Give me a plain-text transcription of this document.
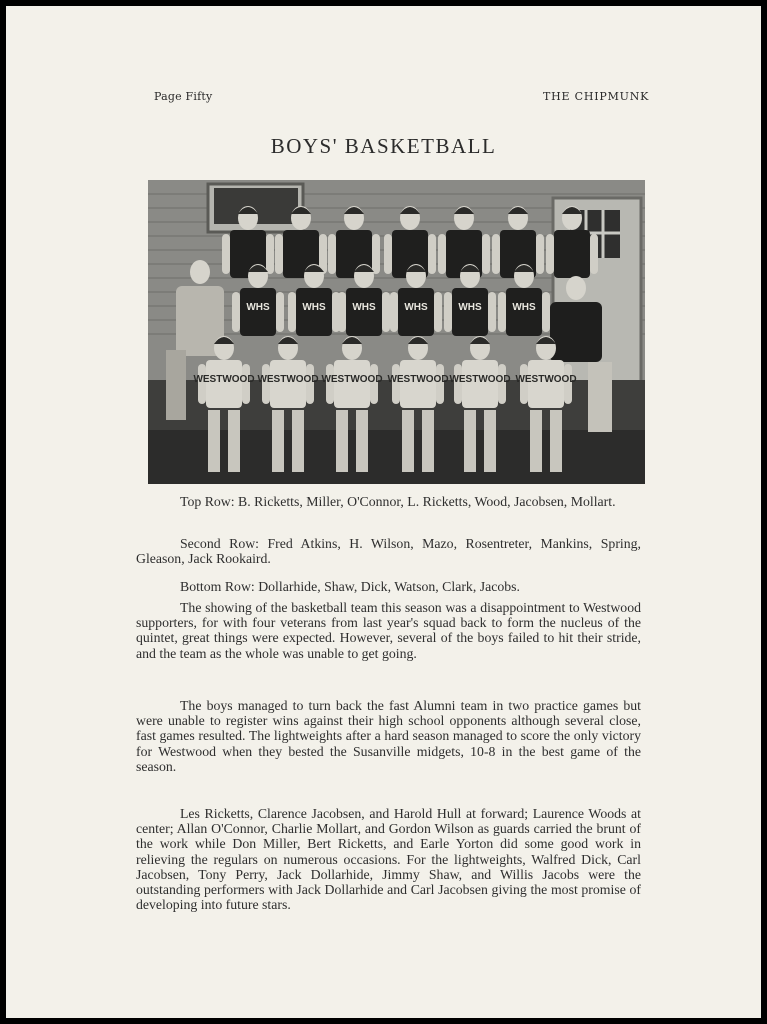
Page Fifty	THE CHIPMUNK
BOYS' BASKETBALL
WHS	WHS	WHS	WHS	WHS	WHS
WESTWOOD WESTWOOD WESTWOOD WESTWOOD WESTWOOD WESTWOOD

Top Row: B. Ricketts, Miller, O'Connor, L. Ricketts, Wood, Jacobsen, Mollart.

Second Row: Fred Atkins, H. Wilson, Mazo, Rosentreter, Mankins, Spring, Gleason, Jack Rookaird.

Bottom Row: Dollarhide, Shaw, Dick, Watson, Clark, Jacobs.

The showing of the basketball team this season was a disappointment to Westwood supporters, for with four veterans from last year's squad back to form the nucleus of the quintet, great things were expected. However, several of the boys failed to hit their stride, and the team as the whole was unable to get going.

The boys managed to turn back the fast Alumni team in two practice games but were unable to register wins against their high school opponents although several close, fast games resulted. The lightweights after a hard season managed to score the only victory for Westwood when they bested the Susanville midgets, 10-8 in the best game of the season.

Les Ricketts, Clarence Jacobsen, and Harold Hull at forward; Laurence Woods at center; Allan O'Connor, Charlie Mollart, and Gordon Wilson as guards carried the brunt of the work while Don Miller, Bert Ricketts, and Earle Yorton did some good work in relieving the regulars on numerous occasions. For the lightweights, Walfred Dick, Carl Jacobsen, Tony Perry, Jack Dollarhide, Jimmy Shaw, and Willis Jacobs were the outstanding performers with Jack Dollarhide and Carl Jacobsen giving the most promise of developing into future stars.
